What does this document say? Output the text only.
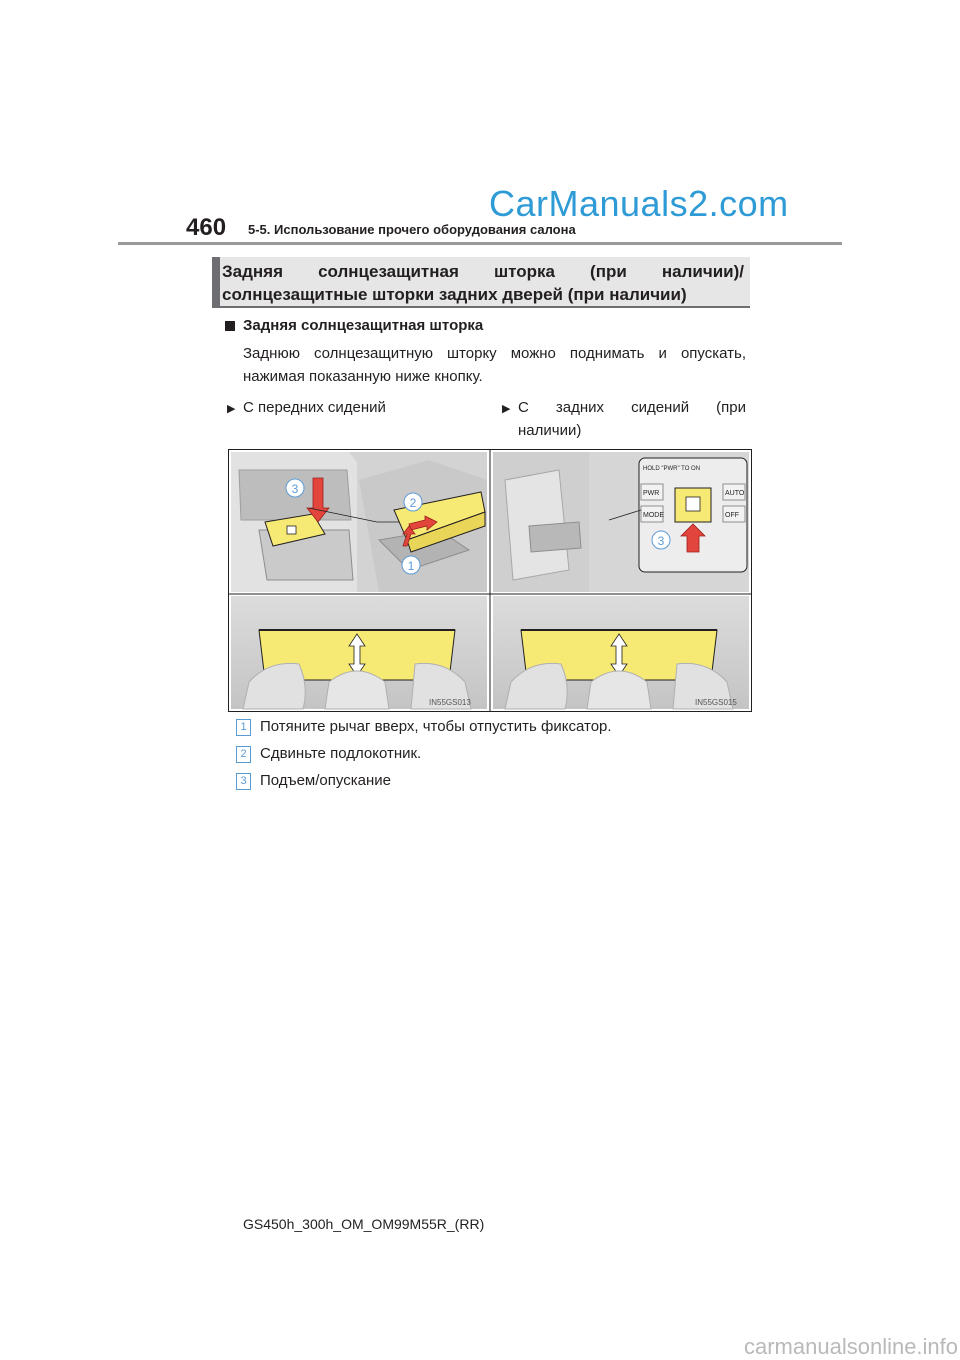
CarManuals2.com
460 5-5. Использование прочего оборудования салона
Задняя солнцезащитная шторка (при наличии)/
солнцезащитные шторки задних дверей (при наличии)
Задняя солнцезащитная шторка
Заднюю солнцезащитную шторку можно поднимать и опускать, нажимая показанную ниже кнопку.
▶ С передних сидений	▶ С задних сидений (при
наличии)
3
2
1
HOLD "PWR" TO ON
PWR
MODE
AUTO
OFF
3
IN55GS013	IN55GS015
1 Потяните рычаг вверх, чтобы отпустить фиксатор.
2 Сдвиньте подлокотник.
3 Подъем/опускание
GS450h_300h_OM_OM99M55R_(RR)
carmanualsonline.info
